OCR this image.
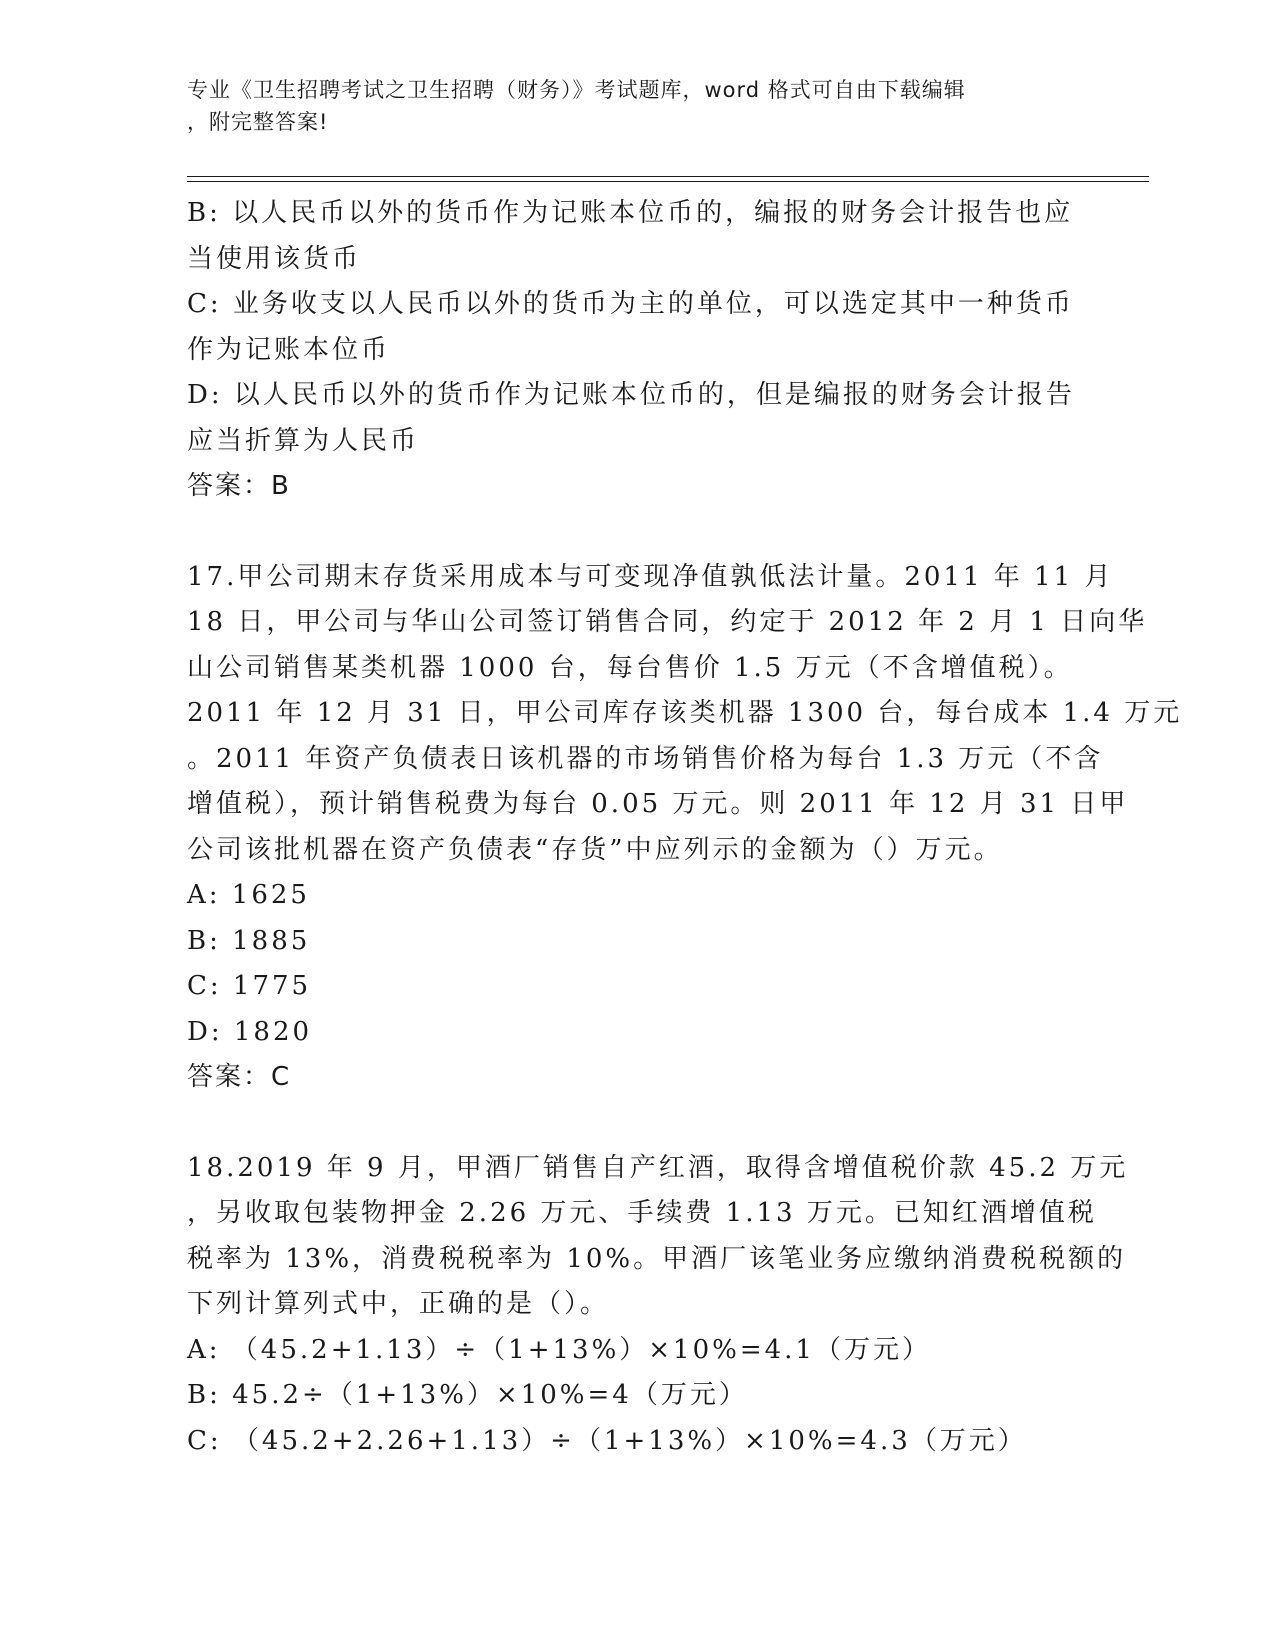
专业《卫生招聘考试之卫生招聘（财务）》考试题库，word 格式可自由下载编辑
，附完整答案!
B: 以人民币以外的货币作为记账本位币的，编报的财务会计报告也应
当使用该货币
C: 业务收支以人民币以外的货币为主的单位，可以选定其中一种货币
作为记账本位币
D: 以人民币以外的货币作为记账本位币的，但是编报的财务会计报告
应当折算为人民币
答案：B
17.甲公司期末存货采用成本与可变现净值孰低法计量。2011 年 11 月
18 日，甲公司与华山公司签订销售合同，约定于 2012 年 2 月 1 日向华
山公司销售某类机器 1000 台，每台售价 1.5 万元（不含增值税）。
2011 年 12 月 31 日，甲公司库存该类机器 1300 台，每台成本 1.4 万元
。2011 年资产负债表日该机器的市场销售价格为每台 1.3 万元（不含
增值税），预计销售税费为每台 0.05 万元。则 2011 年 12 月 31 日甲
公司该批机器在资产负债表“存货”中应列示的金额为（）万元。
A: 1625
B: 1885
C: 1775
D: 1820
答案：C
18.2019 年 9 月，甲酒厂销售自产红酒，取得含增值税价款 45.2 万元
，另收取包装物押金 2.26 万元、手续费 1.13 万元。已知红酒增值税
税率为 13%，消费税税率为 10%。甲酒厂该笔业务应缴纳消费税税额的
下列计算列式中，正确的是（）。
A: （45.2+1.13）÷（1+13%）×10%=4.1（万元）
B: 45.2÷（1+13%）×10%=4（万元）
C: （45.2+2.26+1.13）÷（1+13%）×10%=4.3（万元）
